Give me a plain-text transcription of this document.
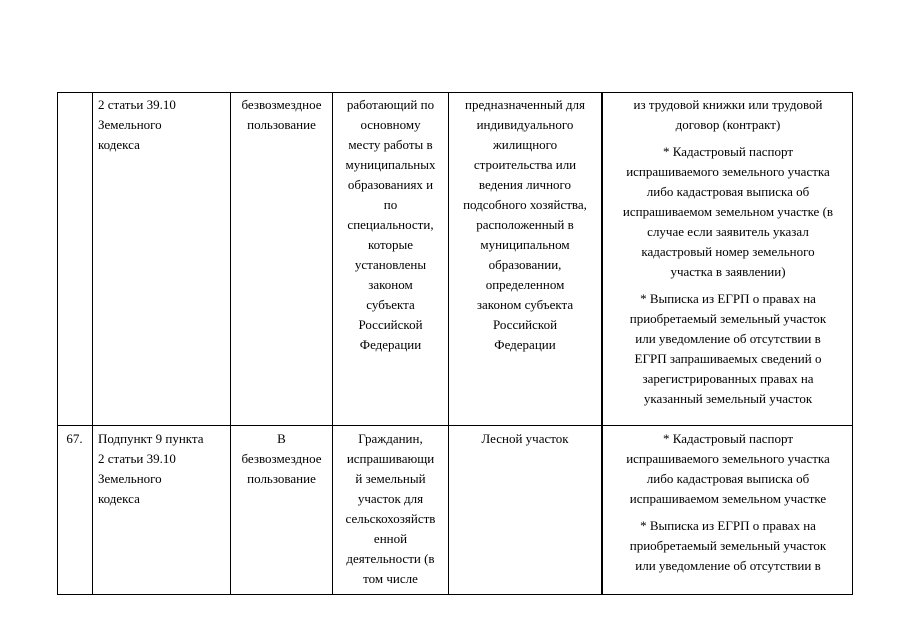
2 статьи 39.10
Земельного
кодекса
безвозмездное
пользование
работающий по
основному
месту работы в
муниципальных
образованиях и
по
специальности,
которые
установлены
законом
субъекта
Российской
Федерации
предназначенный для
индивидуального
жилищного
строительства или
ведения личного
подсобного хозяйства,
расположенный в
муниципальном
образовании,
определенном
законом субъекта
Российской
Федерации
из трудовой книжки или трудовой
договор (контракт)
* Кадастровый паспорт
испрашиваемого земельного участка
либо кадастровая выписка об
испрашиваемом земельном участке (в
случае если заявитель указал
кадастровый номер земельного
участка в заявлении)
* Выписка из ЕГРП о правах на
приобретаемый земельный участок
или уведомление об отсутствии в
ЕГРП запрашиваемых сведений о
зарегистрированных правах на
указанный земельный участок
67.	Подпункт 9 пункта
2 статьи 39.10
Земельного
кодекса
В
безвозмездное
пользование
Гражданин,
испрашивающи
й земельный
участок для
сельскохозяйств
енной
деятельности (в
том числе
Лесной участок	* Кадастровый паспорт
испрашиваемого земельного участка
либо кадастровая выписка об
испрашиваемом земельном участке
* Выписка из ЕГРП о правах на
приобретаемый земельный участок
или уведомление об отсутствии в
